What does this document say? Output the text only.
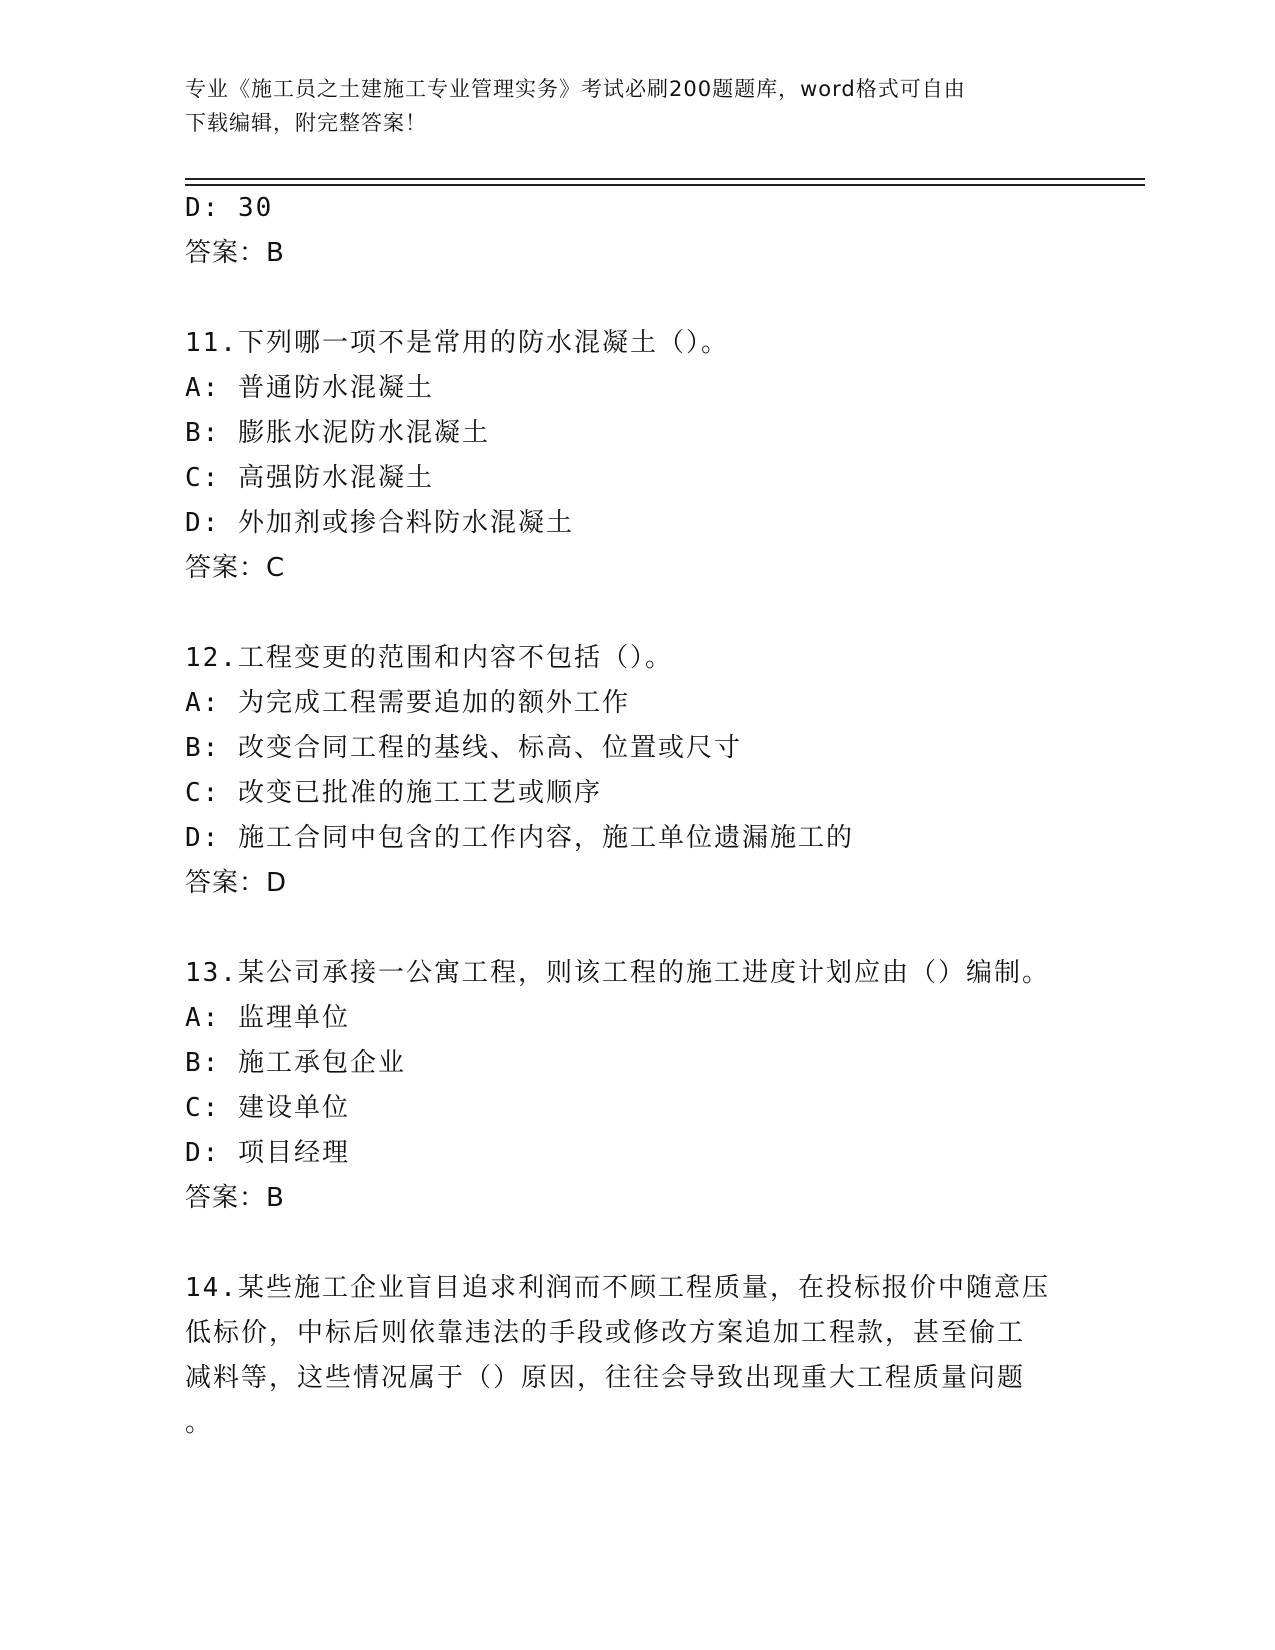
专业《施工员之土建施工专业管理实务》考试必刷200题题库，word格式可自由
下载编辑，附完整答案！
D: 30
答案：B
11.下列哪一项不是常用的防水混凝土（）。
A: 普通防水混凝土
B: 膨胀水泥防水混凝土
C: 高强防水混凝土
D: 外加剂或掺合料防水混凝土
答案：C
12.工程变更的范围和内容不包括（）。
A: 为完成工程需要追加的额外工作
B: 改变合同工程的基线、标高、位置或尺寸
C: 改变已批准的施工工艺或顺序
D: 施工合同中包含的工作内容，施工单位遗漏施工的
答案：D
13.某公司承接一公寓工程，则该工程的施工进度计划应由（）编制。
A: 监理单位
B: 施工承包企业
C: 建设单位
D: 项目经理
答案：B
14.某些施工企业盲目追求利润而不顾工程质量，在投标报价中随意压
低标价，中标后则依靠违法的手段或修改方案追加工程款，甚至偷工
减料等，这些情况属于（）原因，往往会导致出现重大工程质量问题
。
